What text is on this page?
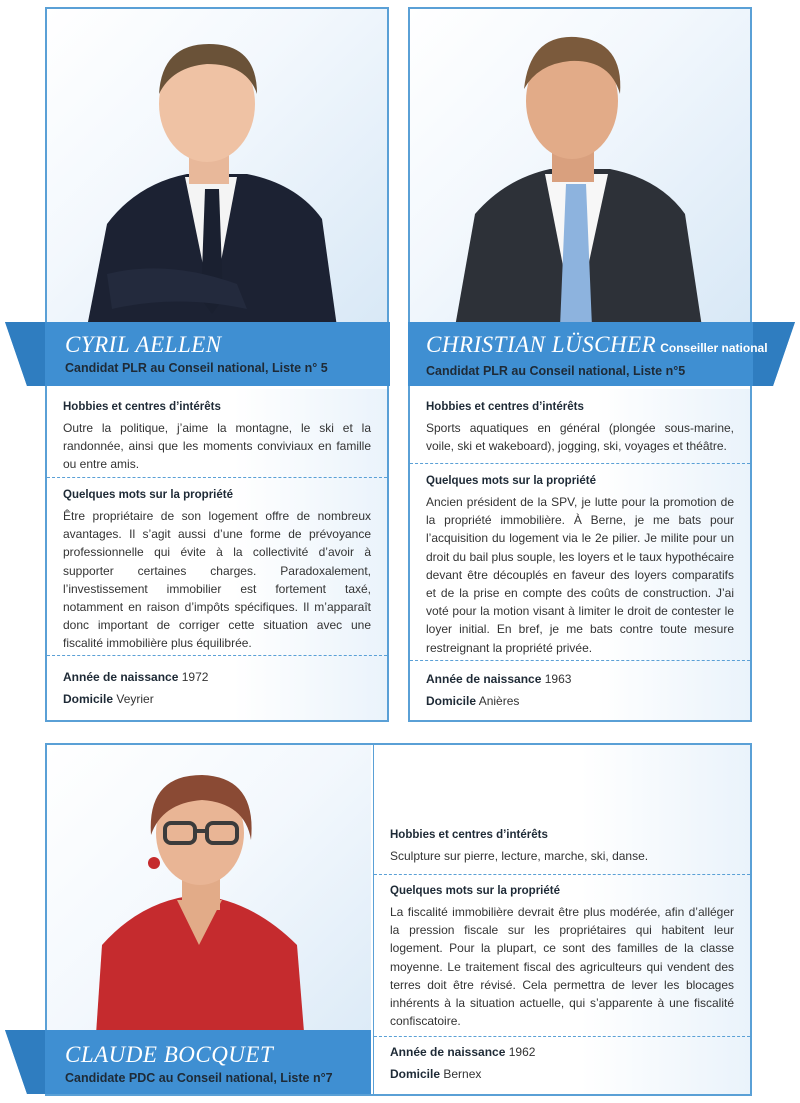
Hobbies et centres d’intérêts

Outre la politique, j’aime la montagne, le ski et la randonnée, ainsi que les moments conviviaux en famille ou entre amis.

Quelques mots sur la propriété

Être propriétaire de son logement offre de nombreux avantages. Il s’agit aussi d’une forme de prévoyance professionnelle qui évite à la collectivité d’avoir à supporter certaines charges. Paradoxalement, l’investissement immobilier est fortement taxé, notamment en raison d’impôts spécifiques. Il m’apparaît donc important de corriger cette situation avec une fiscalité immobilière plus équilibrée.

Année de naissance 1972
Domicile Veyrier
CYRIL AELLEN
Candidat PLR au Conseil national, Liste n° 5
Hobbies et centres d’intérêts

Sports aquatiques en général (plongée sous-marine, voile, ski et wakeboard), jogging, ski, voyages et théâtre.

Quelques mots sur la propriété

Ancien président de la SPV, je lutte pour la promotion de la propriété immobilière. À Berne, je me bats pour l’acquisition du logement via le 2e pilier. Je milite pour un droit du bail plus souple, les loyers et le taux hypothécaire devant être découplés en faveur des loyers comparatifs et de la prise en compte des coûts de construction. J’ai voté pour la motion visant à limiter le droit de contester le loyer initial. En bref, je me bats contre toute mesure restreignant la propriété privée.

Année de naissance 1963
Domicile Anières
CHRISTIAN LÜSCHER Conseiller national
Candidat PLR au Conseil national, Liste n°5
Hobbies et centres d’intérêts

Sculpture sur pierre, lecture, marche, ski, danse.

Quelques mots sur la propriété

La fiscalité immobilière devrait être plus modérée, afin d’alléger la pression fiscale sur les propriétaires qui habitent leur logement. Pour la plupart, ce sont des familles de la classe moyenne. Le traitement fiscal des agriculteurs qui vendent des terres doit être révisé. Cela permettra de lever les blocages inhérents à la situation actuelle, qui s’apparente à une fiscalité confiscatoire.

Année de naissance 1962
Domicile Bernex
CLAUDE BOCQUET
Candidate PDC au Conseil national, Liste n°7
